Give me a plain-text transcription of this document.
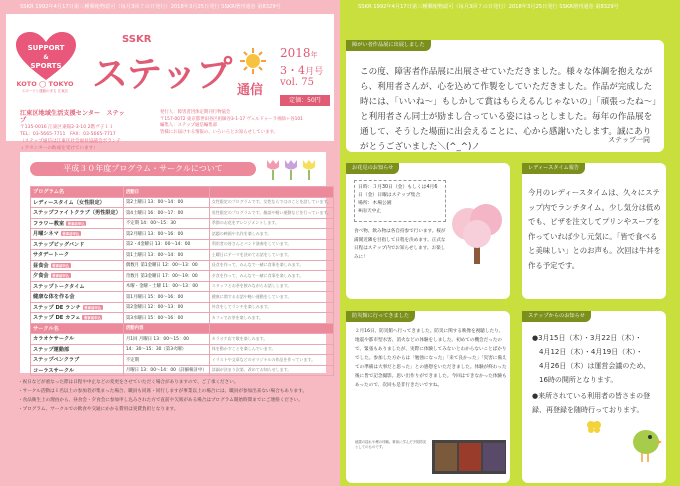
SSKR 1992年4月17日第三種郵便物認可（毎月3回７の日発行）2018年3月25日発行 SSKR増刊通巻 第8329号
SUPPORT
&
SPORTS
KOTO ◯ TOKYO
スポーツと運動のまち 江東区
SSKR
ステップ 通信
2018年
3・4月号
vol. 75
定価：50円
江東区地域生活支援センター　ステップ
〒135-0016 江東区東陽2-3-10 2階ヴ子１１
TEL：03-5665-7711　FAX：03-5665-7717
（ステップ通信は江東区社会福祉協議会ボランティアセンターの助成を受けています）
発行人：障害者団体定期刊行物協会
〒157-0072 東京都世田谷区祖師谷3-1-17 ヴェルドゥーラ祖師ヶ谷101
編集人：ステップ通信編集部
皆様にお届けする情報の、いろいろとお知らせしています。
平成３０年度プログラム・サークルについて
プログラム名	活動日	
レディースタイム（女性限定）	第2土曜日 13：00～14：00	女性限定のプログラムです。女性ならではのことを話しています。
ステップファイトクラブ（男性限定）	第4土曜日 16：00～17：00	男性限定のプログラムです。雑談や軽い運動などを行っています。
フラワー教室 要事前申込	不定期 14：00～15：30	季節のお花をアレンジメントします。
月曜シネマ 要事前申込	第2月曜日 13：00～16：00	話題の映画や名作を楽しみます。
ステップビッグバンド	第2・4金曜日 13：00～14：00	利用者の皆さんとバンド演奏をしています。
サタデートーク	第1土曜日 13：00～14：00	土曜日にテーマを決めてお話をしています。
昼食会 要事前申込	偶数月 第1金曜日 12：00～13：00	昼食を作って、みんなで一緒に食事を楽しみます。
夕食会 要事前申込	奇数月 第3金曜日 17：00～19：00	夕食を作って、みんなで一緒に食事を楽しみます。
ステップトークタイム	木曜・金曜・土曜 11：00～13：00	スタッフとお茶を飲みながらお話しします。
健康な体を作る会	第1月曜日 15：00～16：00	健康に関するお話や軽い運動をしています。
ステップ DE ランチ 要事前申込	第2金曜日 12：00～13：00	外食をしてランチを楽しみます。
ステップ DE カフェ 要事前申込	第3水曜日 15：00～16：00	カフェでお茶を楽しみます。
サークル名	活動内容	
カラオケサークル	月1回 月曜日 13：00～15：00	カラオケ店で歌を楽しみます。
ステップ運動部	14：30～15：30（第3火曜）	体を動かすことを楽しんでいます。
ステップペンクラブ	不定期	イラストや文章などのオリジナルの作品を作っています。
コーラスサークル	月曜日 13：00～14：00（詳細検討中）	詳細が決まり次第、改めてお知らせします。
・祝日などが重なった際は日程や中止などの変更をさせていただく場合がありますので、ご了承ください。
・サークル活動は１名以上の参加者が集まった場合、職員も同席・同行しますが事業以上の場合には、職員が参加出来ない場合もあります。
・食品衛生上の理由から、昼食会・夕食会に参加申し込みされた方で直前や欠席がある場合はプログラム開始時間までにご連絡ください。
・プログラム、サークルでの飲食や交通にかかる費用は実費負担となります。
SSKR 1992年4月17日第三種郵便物認可（毎月3回７の日発行）2018年3月25日発行 SSKR増刊通巻 第8329号
障がい者作品展に出展しました
この度、障害者作品展に出展させていただきました。様々な体調を抱えながら、利用者さんが、心を込めて作製をしていただきました。作品が完成した時には、「いいね～」もしかして賞はもらえるんじゃないの」「頑張ったね～」と利用者さん同士が励まし合っている姿にはっとしました。毎年の作品展を通して、そうした場面に出会えることに、心から感謝いたします。誠にありがとうございました＼(^_^)ノ
ステップ一同
お花見のお知らせ
日時：３月30日（金）もしくは4月6日（金）日曜はステップ集合
場所：木場公園
※雨天中止
食べ物、飲み物は各自持参で行います。桜が満開近隣を目指して日程を決めます。正式な日程はステップ内でお知らせします。お楽しみに！
レディースタイム報告
今月のレディースタイムは、久々にステップ内でランチタイム。少し気分は低めでも、ピザを注文してプリンやスープを作っていれば少し元気に。「皆で食べると美味しい」とのお声も。次回は牛丼を作る予定です。
防災館に行ってきました
２月16日、防災館へ行ってきました。防災に関する映像を視聴したり、地震や都市型水害、消火などの体験をしました。初めての機会だったので、緊張もありましたが、実際に体験してみないとわからないことばかりでした。参加した方からは「勉強になった」「来て良かった」「災害に備えての準備は大事だと思った」との感想をいただきました。体験が終わった後に皆で記念撮影。思い出作りができました。今回はできなかった体験もあったので、次回も是非行きたいですね。
地震の揺れや煙の体験。事前に学んだ予知防災としてのものです。
ステップからのお知らせ
●3月15日（木）・3月22日（木）・
　4月12日（木）・4月19日（木）・
　4月26日（木）は運営会議のため、
　16時の開所となります。
●来所されている利用者の皆さまの登録、再登録を随時行っております。
